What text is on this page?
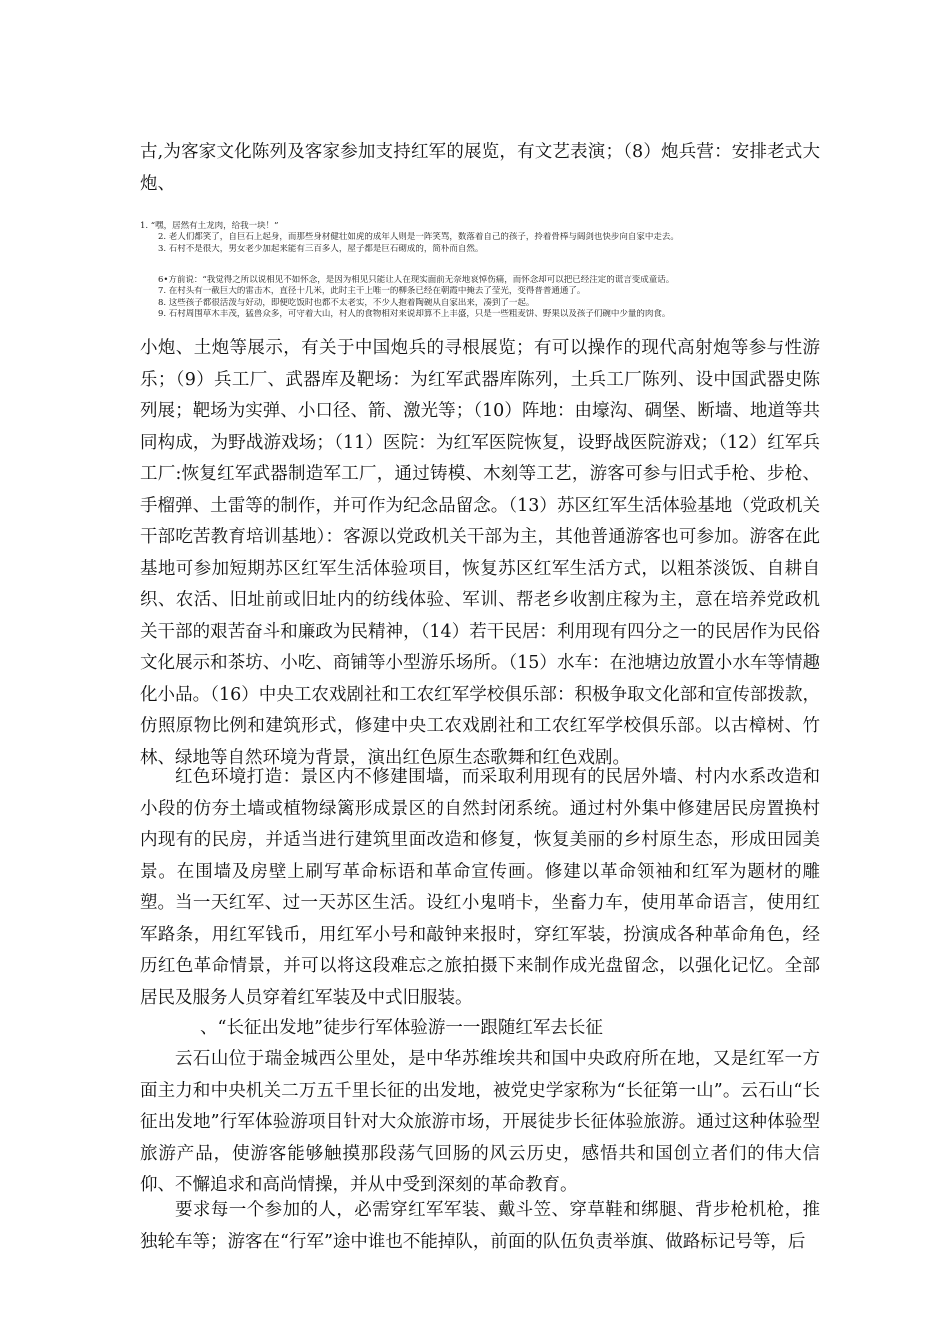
古,为客家文化陈列及客家参加支持红军的展览，有文艺表演；（8）炮兵营：安排老式大炮、

1. “嘿，居然有土龙肉，给我一块！”
2. 老人们都笑了，自巨石上起身，而那些身材健壮如虎的成年人则是一阵笑骂，数落着自己的孩子，拎着骨棒与阔剑也快步向自家中走去。
3. 石村不是很大，男女老少加起来能有三百多人，屋子都是巨石砌成的，简朴而自然。
6•方前说：“我觉得之所以说相见不如怀念，是因为相见只能让人在现实面前无奈地哀悼伤痛，而怀念却可以把已经注定的谎言变成童话。
7. 在村头有一截巨大的雷击木，直径十几米，此时主干上唯一的柳条已经在朝霞中掩去了莹光，变得普普通通了。
8. 这些孩子都很活泼与好动，即便吃饭时也都不太老实，不少人抱着陶碗从自家出来，凑到了一起。
9. 石村周围草木丰茂，猛兽众多，可守着大山，村人的食物相对来说却算不上丰盛，只是一些粗麦饼、野果以及孩子们碗中少量的肉食。

小炮、土炮等展示，有关于中国炮兵的寻根展览；有可以操作的现代高射炮等参与性游乐；（9）兵工厂、武器库及靶场：为红军武器库陈列，土兵工厂陈列、设中国武器史陈列展；靶场为实弹、小口径、箭、激光等；（10）阵地：由壕沟、碉堡、断墙、地道等共同构成，为野战游戏场；（11）医院：为红军医院恢复，设野战医院游戏；（12）红军兵工厂:恢复红军武器制造军工厂，通过铸模、木刻等工艺，游客可参与旧式手枪、步枪、手榴弹、土雷等的制作，并可作为纪念品留念。（13）苏区红军生活体验基地（党政机关干部吃苦教育培训基地）：客源以党政机关干部为主，其他普通游客也可参加。游客在此基地可参加短期苏区红军生活体验项目，恢复苏区红军生活方式，以粗茶淡饭、自耕自织、农活、旧址前或旧址内的纺线体验、军训、帮老乡收割庄稼为主，意在培养党政机关干部的艰苦奋斗和廉政为民精神，（14）若干民居：利用现有四分之一的民居作为民俗文化展示和茶坊、小吃、商铺等小型游乐场所。（15）水车：在池塘边放置小水车等情趣化小品。（16）中央工农戏剧社和工农红军学校俱乐部：积极争取文化部和宣传部拨款，仿照原物比例和建筑形式，修建中央工农戏剧社和工农红军学校俱乐部。以古樟树、竹林、绿地等自然环境为背景，演出红色原生态歌舞和红色戏剧。

红色环境打造：景区内不修建围墙，而采取利用现有的民居外墙、村内水系改造和小段的仿夯土墙或植物绿篱形成景区的自然封闭系统。通过村外集中修建居民房置换村内现有的民房，并适当进行建筑里面改造和修复，恢复美丽的乡村原生态，形成田园美景。在围墙及房壁上刷写革命标语和革命宣传画。修建以革命领袖和红军为题材的雕塑。 当一天红军、过一天苏区生活。设红小鬼哨卡，坐畜力车，使用革命语言，使用红军路条，用红军钱币，用红军小号和敲钟来报时，穿红军装，扮演成各种革命角色，经历红色革命情景，并可以将这段难忘之旅拍摄下来制作成光盘留念，以强化记忆。全部居民及服务人员穿着红军装及中式旧服装。

、“长征出发地”徒步行军体验游一一跟随红军去长征

云石山位于瑞金城西公里处，是中华苏维埃共和国中央政府所在地，又是红军一方面主力和中央机关二万五千里长征的出发地，被党史学家称为“长征第一山”。云石山“长征出发地”行军体验游项目针对大众旅游市场，开展徒步长征体验旅游。通过这种体验型旅游产品，使游客能够触摸那段荡气回肠的风云历史，感悟共和国创立者们的伟大信仰、不懈追求和高尚情操，并从中受到深刻的革命教育。

要求每一个参加的人，必需穿红军军装、戴斗笠、穿草鞋和绑腿、背步枪机枪，推独轮车等；游客在“行军”途中谁也不能掉队，前面的队伍负责举旗、做路标记号等，后
